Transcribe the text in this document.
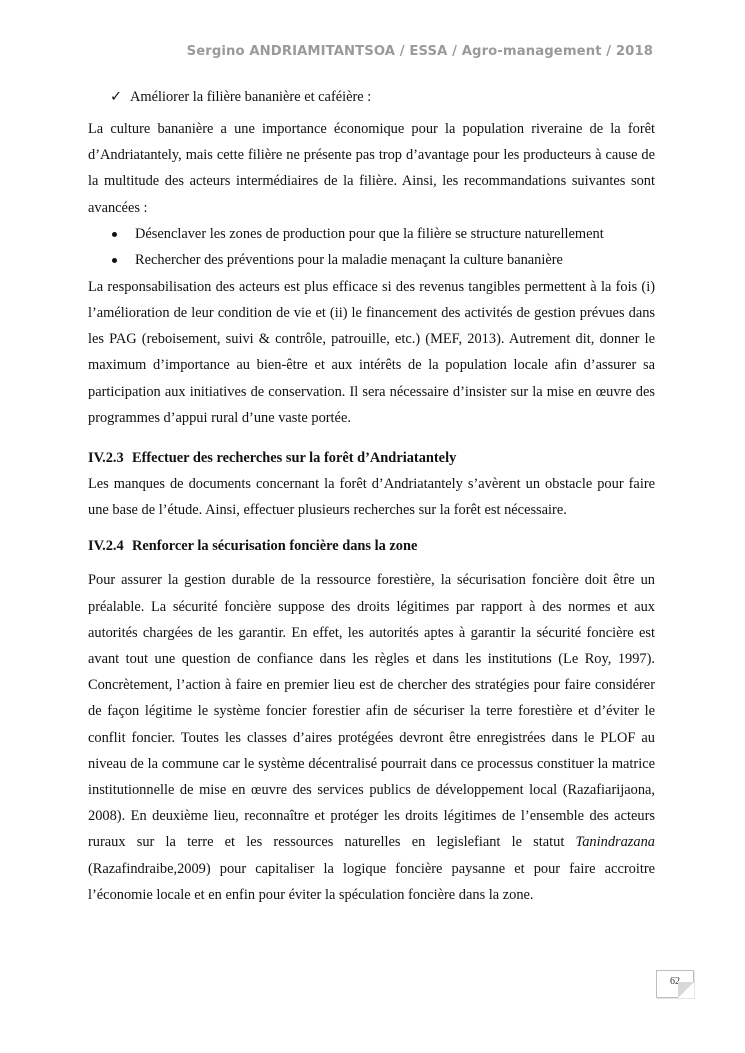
Sergino ANDRIAMITANTSOA / ESSA / Agro-management / 2018
✓ Améliorer la filière bananière et caféière :

La culture bananière a une importance économique pour la population riveraine de la forêt d’Andriatantely, mais cette filière ne présente pas trop d’avantage pour les producteurs à cause de la multitude des acteurs intermédiaires de la filière. Ainsi, les recommandations suivantes sont avancées :

Désenclaver les zones de production pour que la filière se structure naturellement
Rechercher des préventions pour la maladie menaçant la culture bananière

La responsabilisation des acteurs est plus efficace si des revenus tangibles permettent à la fois (i) l’amélioration de leur condition de vie et (ii) le financement des activités de gestion prévues dans les PAG (reboisement, suivi & contrôle, patrouille, etc.) (MEF, 2013). Autrement dit, donner le maximum d’importance au bien-être et aux intérêts de la population locale afin d’assurer sa participation aux initiatives de conservation. Il sera nécessaire d’insister sur la mise en œuvre des programmes d’appui rural d’une vaste portée.

IV.2.3 Effectuer des recherches sur la forêt d’Andriatantely

Les manques de documents concernant la forêt d’Andriatantely s’avèrent un obstacle pour faire une base de l’étude. Ainsi, effectuer plusieurs recherches sur la forêt est nécessaire.

IV.2.4 Renforcer la sécurisation foncière dans la zone

Pour assurer la gestion durable de la ressource forestière, la sécurisation foncière doit être un préalable. La sécurité foncière suppose des droits légitimes par rapport à des normes et aux autorités chargées de les garantir. En effet, les autorités aptes à garantir la sécurité foncière est avant tout une question de confiance dans les règles et dans les institutions (Le Roy, 1997). Concrètement, l’action à faire en premier lieu est de chercher des stratégies pour faire considérer de façon légitime le système foncier forestier afin de sécuriser la terre forestière et d’éviter le conflit foncier. Toutes les classes d’aires protégées devront être enregistrées dans le PLOF au niveau de la commune car le système décentralisé pourrait dans ce processus constituer la matrice institutionnelle de mise en œuvre des services publics de développement local (Razafiarijaona, 2008). En deuxième lieu, reconnaître et protéger les droits légitimes de l’ensemble des acteurs ruraux sur la terre et les ressources naturelles en legislefiant le statut Tanindrazana (Razafindraibe,2009) pour capitaliser la logique foncière paysanne et pour faire accroitre l’économie locale et en enfin pour éviter la spéculation foncière dans la zone.

62
